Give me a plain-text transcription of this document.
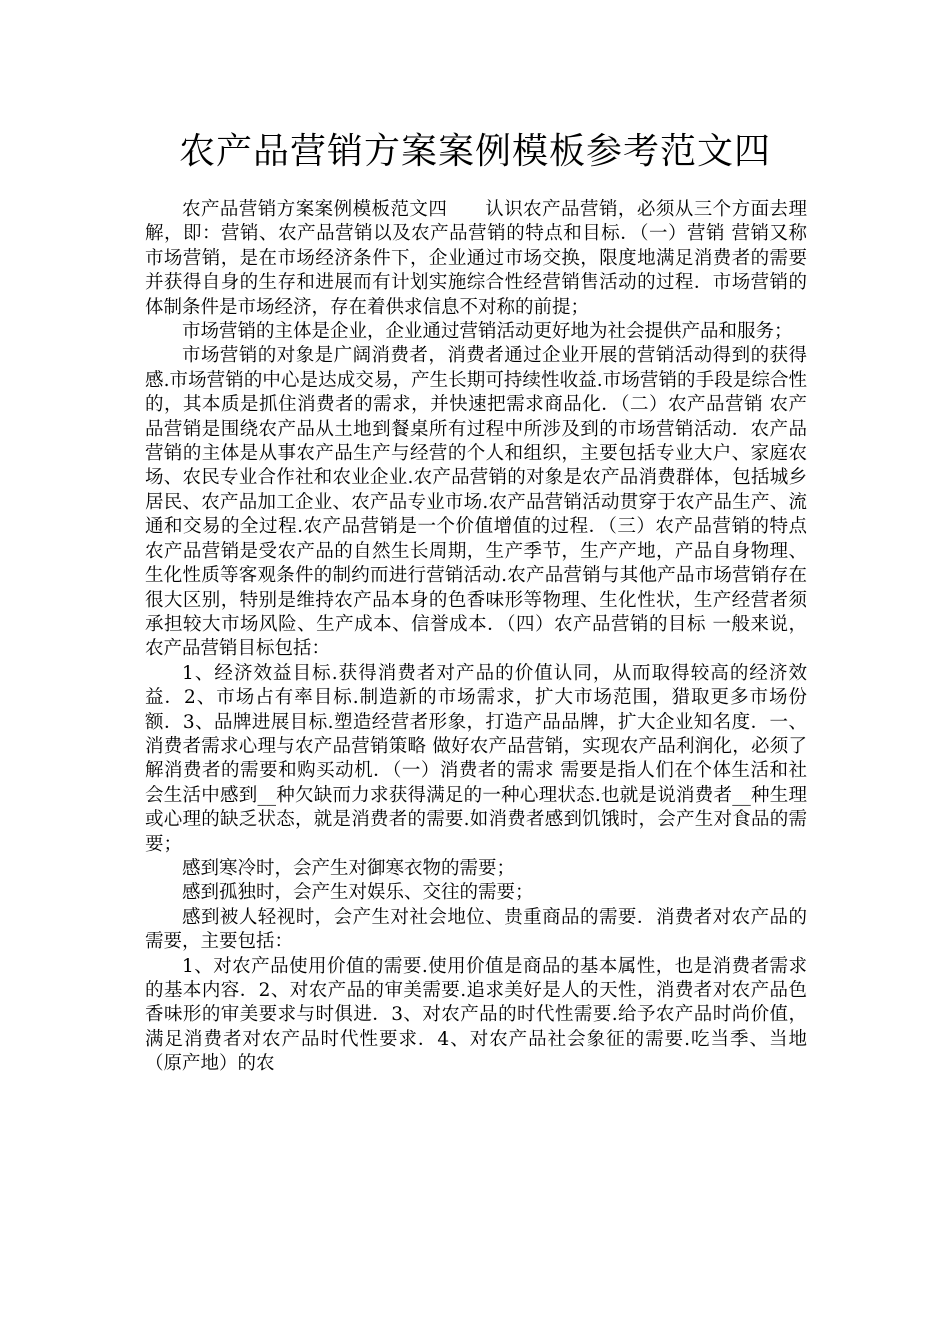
农产品营销方案案例模板参考范文四

农产品营销方案案例模板范文四　　认识农产品营销，必须从三个方面去理解，即：营销、农产品营销以及农产品营销的特点和目标．（一）营销 营销又称市场营销，是在市场经济条件下，企业通过市场交换，限度地满足消费者的需要并获得自身的生存和进展而有计划实施综合性经营销售活动的过程．市场营销的体制条件是市场经济，存在着供求信息不对称的前提；

市场营销的主体是企业，企业通过营销活动更好地为社会提供产品和服务；

市场营销的对象是广阔消费者，消费者通过企业开展的营销活动得到的获得感.市场营销的中心是达成交易，产生长期可持续性收益.市场营销的手段是综合性的，其本质是抓住消费者的需求，并快速把需求商品化．（二）农产品营销 农产品营销是围绕农产品从土地到餐桌所有过程中所涉及到的市场营销活动．农产品营销的主体是从事农产品生产与经营的个人和组织，主要包括专业大户、家庭农场、农民专业合作社和农业企业.农产品营销的对象是农产品消费群体，包括城乡居民、农产品加工企业、农产品专业市场.农产品营销活动贯穿于农产品生产、流通和交易的全过程.农产品营销是一个价值增值的过程．（三）农产品营销的特点 农产品营销是受农产品的自然生长周期，生产季节，生产产地，产品自身物理、生化性质等客观条件的制约而进行营销活动.农产品营销与其他产品市场营销存在很大区别，特别是维持农产品本身的色香味形等物理、生化性状，生产经营者须承担较大市场风险、生产成本、信誉成本．（四）农产品营销的目标 一般来说，农产品营销目标包括：

1、经济效益目标.获得消费者对产品的价值认同，从而取得较高的经济效益．2、市场占有率目标.制造新的市场需求，扩大市场范围，猎取更多市场份额．3、品牌进展目标.塑造经营者形象，打造产品品牌，扩大企业知名度．一、消费者需求心理与农产品营销策略 做好农产品营销，实现农产品利润化，必须了解消费者的需要和购买动机．（一）消费者的需求 需要是指人们在个体生活和社会生活中感到__种欠缺而力求获得满足的一种心理状态.也就是说消费者__种生理或心理的缺乏状态，就是消费者的需要.如消费者感到饥饿时，会产生对食品的需要；

感到寒冷时，会产生对御寒衣物的需要；

感到孤独时，会产生对娱乐、交往的需要；

感到被人轻视时，会产生对社会地位、贵重商品的需要．消费者对农产品的需要，主要包括：

1、对农产品使用价值的需要.使用价值是商品的基本属性，也是消费者需求的基本内容．2、对农产品的审美需要.追求美好是人的天性，消费者对农产品色香味形的审美要求与时俱进．3、对农产品的时代性需要.给予农产品时尚价值，满足消费者对农产品时代性要求．4、对农产品社会象征的需要.吃当季、当地（原产地）的农
